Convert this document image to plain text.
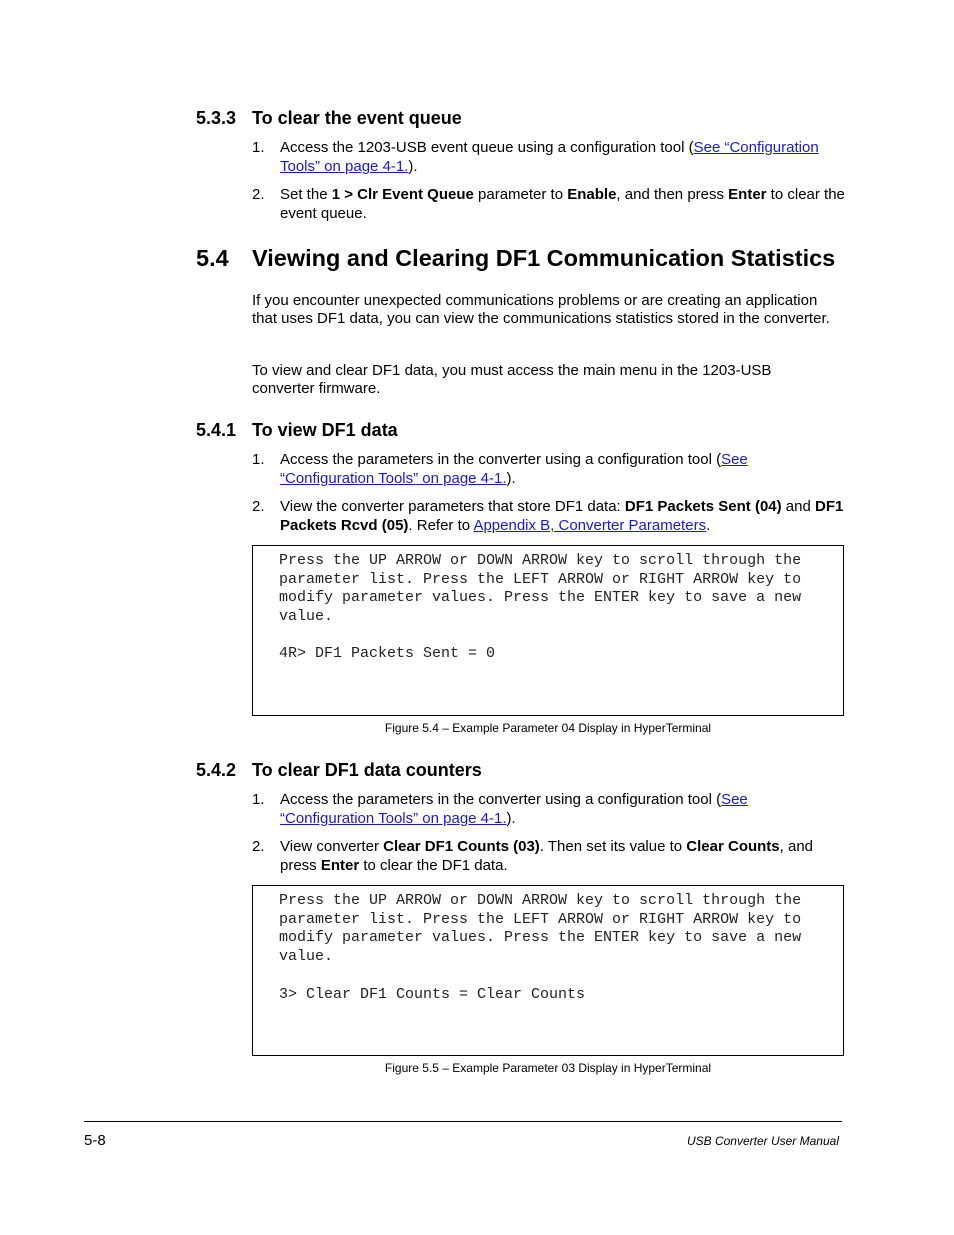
5.3.3 To clear the event queue
1. Access the 1203-USB event queue using a configuration tool (See “Configuration Tools” on page 4-1.).
2. Set the 1 > Clr Event Queue parameter to Enable, and then press Enter to clear the event queue.
5.4 Viewing and Clearing DF1 Communication Statistics
If you encounter unexpected communications problems or are creating an application that uses DF1 data, you can view the communications statistics stored in the converter.
To view and clear DF1 data, you must access the main menu in the 1203-USB converter firmware.
5.4.1 To view DF1 data
1. Access the parameters in the converter using a configuration tool (See “Configuration Tools” on page 4-1.).
2. View the converter parameters that store DF1 data: DF1 Packets Sent (04) and DF1 Packets Rcvd (05). Refer to Appendix B, Converter Parameters.
Press the UP ARROW or DOWN ARROW key to scroll through the
parameter list. Press the LEFT ARROW or RIGHT ARROW key to
modify parameter values. Press the ENTER key to save a new
value.
4R> DF1 Packets Sent = 0
Figure 5.4 – Example Parameter 04 Display in HyperTerminal
5.4.2 To clear DF1 data counters
1. Access the parameters in the converter using a configuration tool (See “Configuration Tools” on page 4-1.).
2. View converter Clear DF1 Counts (03). Then set its value to Clear Counts, and press Enter to clear the DF1 data.
Press the UP ARROW or DOWN ARROW key to scroll through the
parameter list. Press the LEFT ARROW or RIGHT ARROW key to
modify parameter values. Press the ENTER key to save a new
value.
3> Clear DF1 Counts = Clear Counts
Figure 5.5 – Example Parameter 03 Display in HyperTerminal
5-8	USB Converter User Manual
